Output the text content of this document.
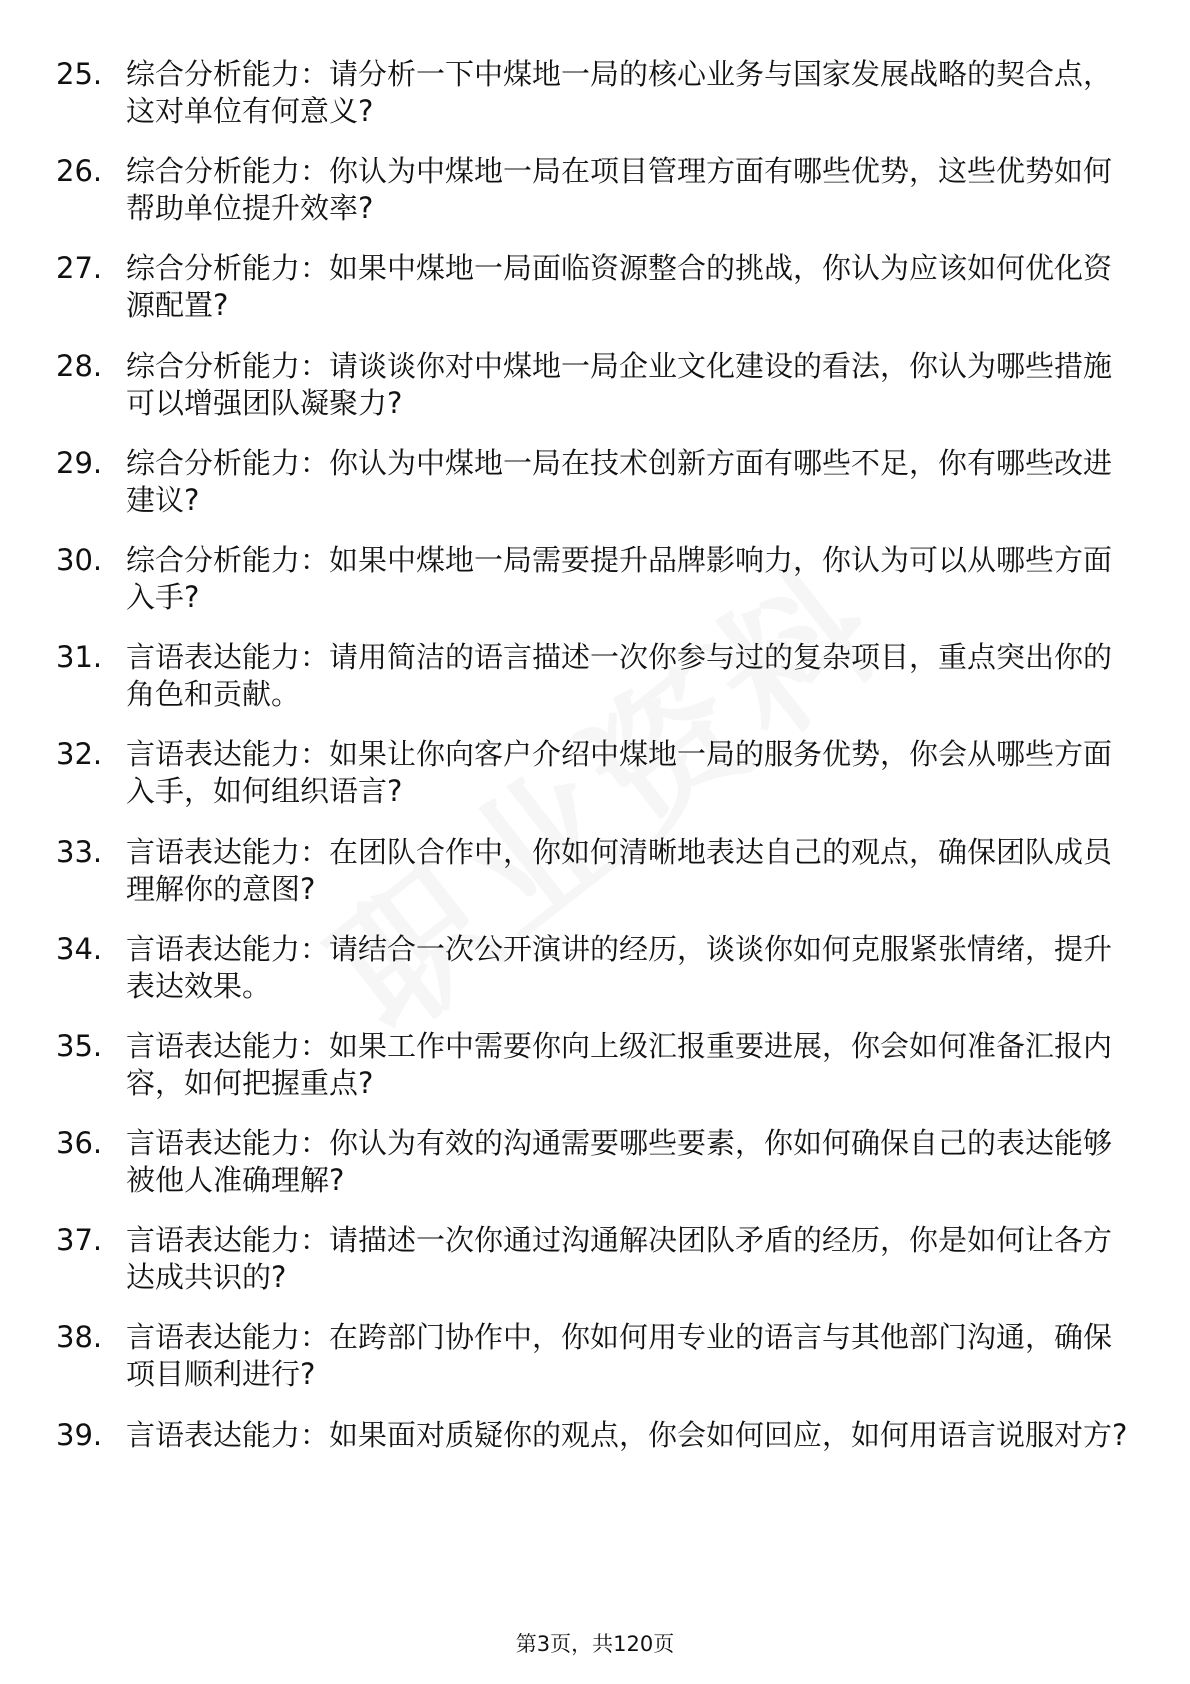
25. 综合分析能力：请分析一下中煤地一局的核心业务与国家发展战略的契合点，这对单位有何意义?
26. 综合分析能力：你认为中煤地一局在项目管理方面有哪些优势，这些优势如何帮助单位提升效率?
27. 综合分析能力：如果中煤地一局面临资源整合的挑战，你认为应该如何优化资源配置?
28. 综合分析能力：请谈谈你对中煤地一局企业文化建设的看法，你认为哪些措施可以增强团队凝聚力?
29. 综合分析能力：你认为中煤地一局在技术创新方面有哪些不足，你有哪些改进建议?
30. 综合分析能力：如果中煤地一局需要提升品牌影响力，你认为可以从哪些方面入手?
31. 言语表达能力：请用简洁的语言描述一次你参与过的复杂项目，重点突出你的角色和贡献。
32. 言语表达能力：如果让你向客户介绍中煤地一局的服务优势，你会从哪些方面入手，如何组织语言?
33. 言语表达能力：在团队合作中，你如何清晰地表达自己的观点，确保团队成员理解你的意图?
34. 言语表达能力：请结合一次公开演讲的经历，谈谈你如何克服紧张情绪，提升表达效果。
35. 言语表达能力：如果工作中需要你向上级汇报重要进展，你会如何准备汇报内容，如何把握重点?
36. 言语表达能力：你认为有效的沟通需要哪些要素，你如何确保自己的表达能够被他人准确理解?
37. 言语表达能力：请描述一次你通过沟通解决团队矛盾的经历，你是如何让各方达成共识的?
38. 言语表达能力：在跨部门协作中，你如何用专业的语言与其他部门沟通，确保项目顺利进行?
39. 言语表达能力：如果面对质疑你的观点，你会如何回应，如何用语言说服对方?
第3页，共120页
